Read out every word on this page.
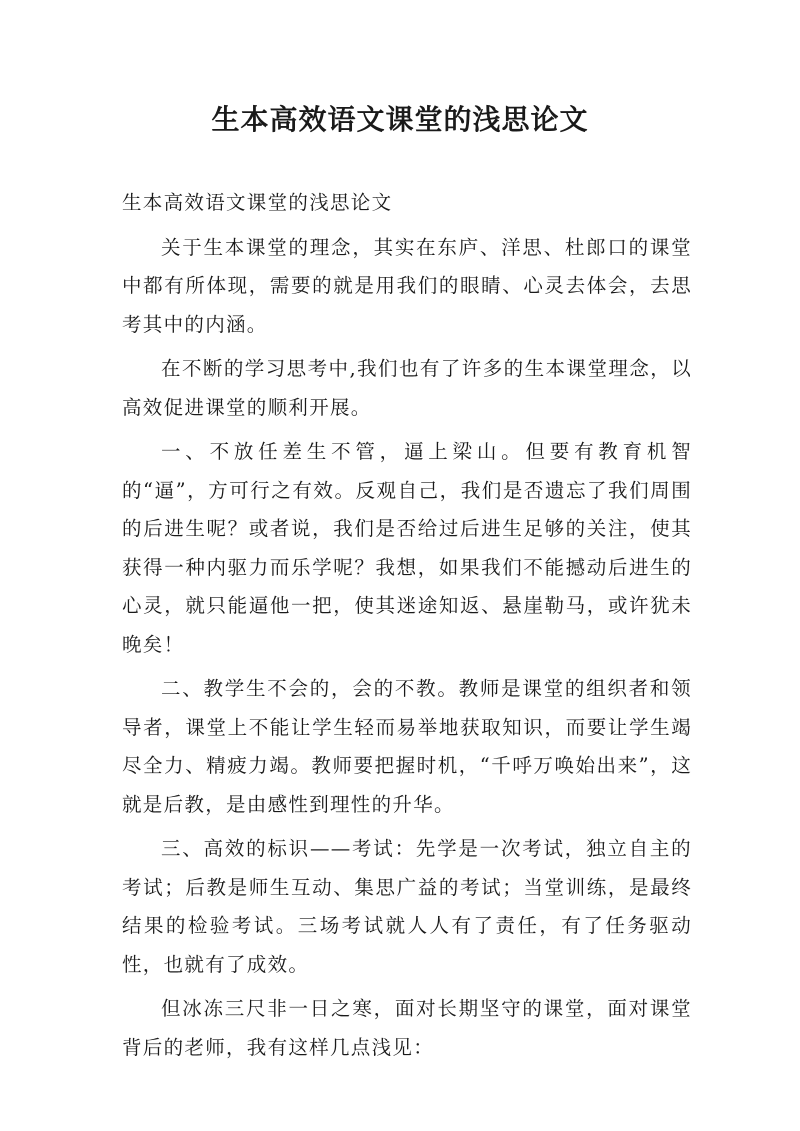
生本高效语文课堂的浅思论文

生本高效语文课堂的浅思论文

关于生本课堂的理念，其实在东庐、洋思、杜郎口的课堂中都有所体现，需要的就是用我们的眼睛、心灵去体会，去思考其中的内涵。

在不断的学习思考中,我们也有了许多的生本课堂理念，以高效促进课堂的顺利开展。

一、不放任差生不管，逼上梁山。但要有教育机智的“逼”，方可行之有效。反观自己，我们是否遗忘了我们周围的后进生呢？或者说，我们是否给过后进生足够的关注，使其获得一种内驱力而乐学呢？我想，如果我们不能撼动后进生的心灵，就只能逼他一把，使其迷途知返、悬崖勒马，或许犹未晚矣！

二、教学生不会的，会的不教。教师是课堂的组织者和领导者，课堂上不能让学生轻而易举地获取知识，而要让学生竭尽全力、精疲力竭。教师要把握时机，“千呼万唤始出来”，这就是后教，是由感性到理性的升华。

三、高效的标识——考试：先学是一次考试，独立自主的考试；后教是师生互动、集思广益的考试；当堂训练，是最终结果的检验考试。三场考试就人人有了责任，有了任务驱动性，也就有了成效。

但冰冻三尺非一日之寒，面对长期坚守的课堂，面对课堂背后的老师，我有这样几点浅见：
